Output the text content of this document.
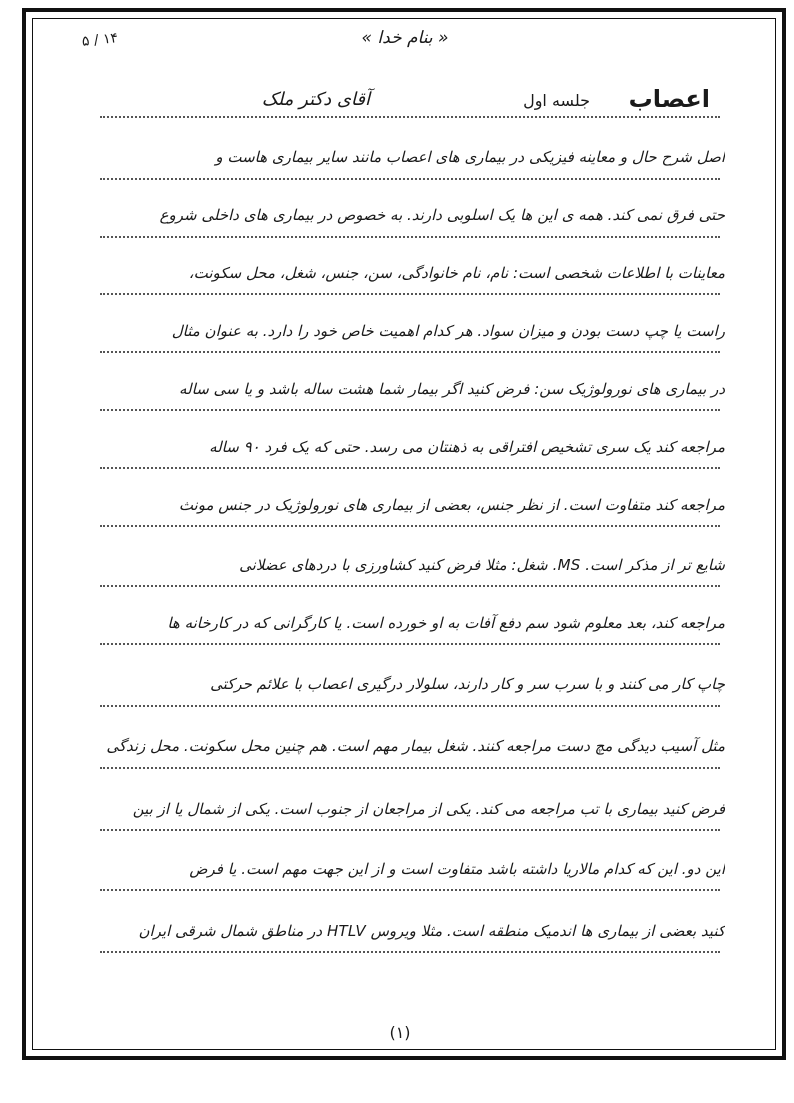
« بنام خدا »
۱۴ / ۵
اعصاب
جلسه اول
آقای دکتر ملک
اصل شرح حال و معاینه فیزیکی در بیماری های اعصاب مانند سایر بیماری هاست و
حتی فرق نمی کند. همه ی این ها یک اسلوبی دارند. به خصوص در بیماری های داخلی شروع
معاینات با اطلاعات شخصی است: نام، نام خانوادگی، سن، جنس، شغل، محل سکونت،
راست یا چپ دست بودن و میزان سواد. هر کدام اهمیت خاص خود را دارد. به عنوان مثال
در بیماری های نورولوژیک سن: فرض کنید اگر بیمار شما هشت ساله باشد و یا سی ساله
مراجعه کند یک سری تشخیص افتراقی به ذهنتان می رسد. حتی که یک فرد ۹۰ ساله
مراجعه کند متفاوت است. از نظر جنس، بعضی از بیماری های نورولوژیک در جنس مونث
شایع تر از مذکر است. MS. شغل: مثلا فرض کنید کشاورزی با دردهای عضلانی
مراجعه کند، بعد معلوم شود سم دفع آفات به او خورده است. یا کارگرانی که در کارخانه ها
چاپ کار می کنند و با سرب سر و کار دارند، سلولار درگیری اعصاب با علائم حرکتی
مثل آسیب دیدگی مچ دست مراجعه کنند. شغل بیمار مهم است. هم چنین محل سکونت. محل زندگی
فرض کنید بیماری با تب مراجعه می کند. یکی از مراجعان از جنوب است. یکی از شمال یا از بین
این دو. این که کدام مالاریا داشته باشد متفاوت است و از این جهت مهم است. یا فرض
کنید بعضی از بیماری ها اندمیک منطقه است. مثلا ویروس HTLV در مناطق شمال شرقی ایران
(۱)
